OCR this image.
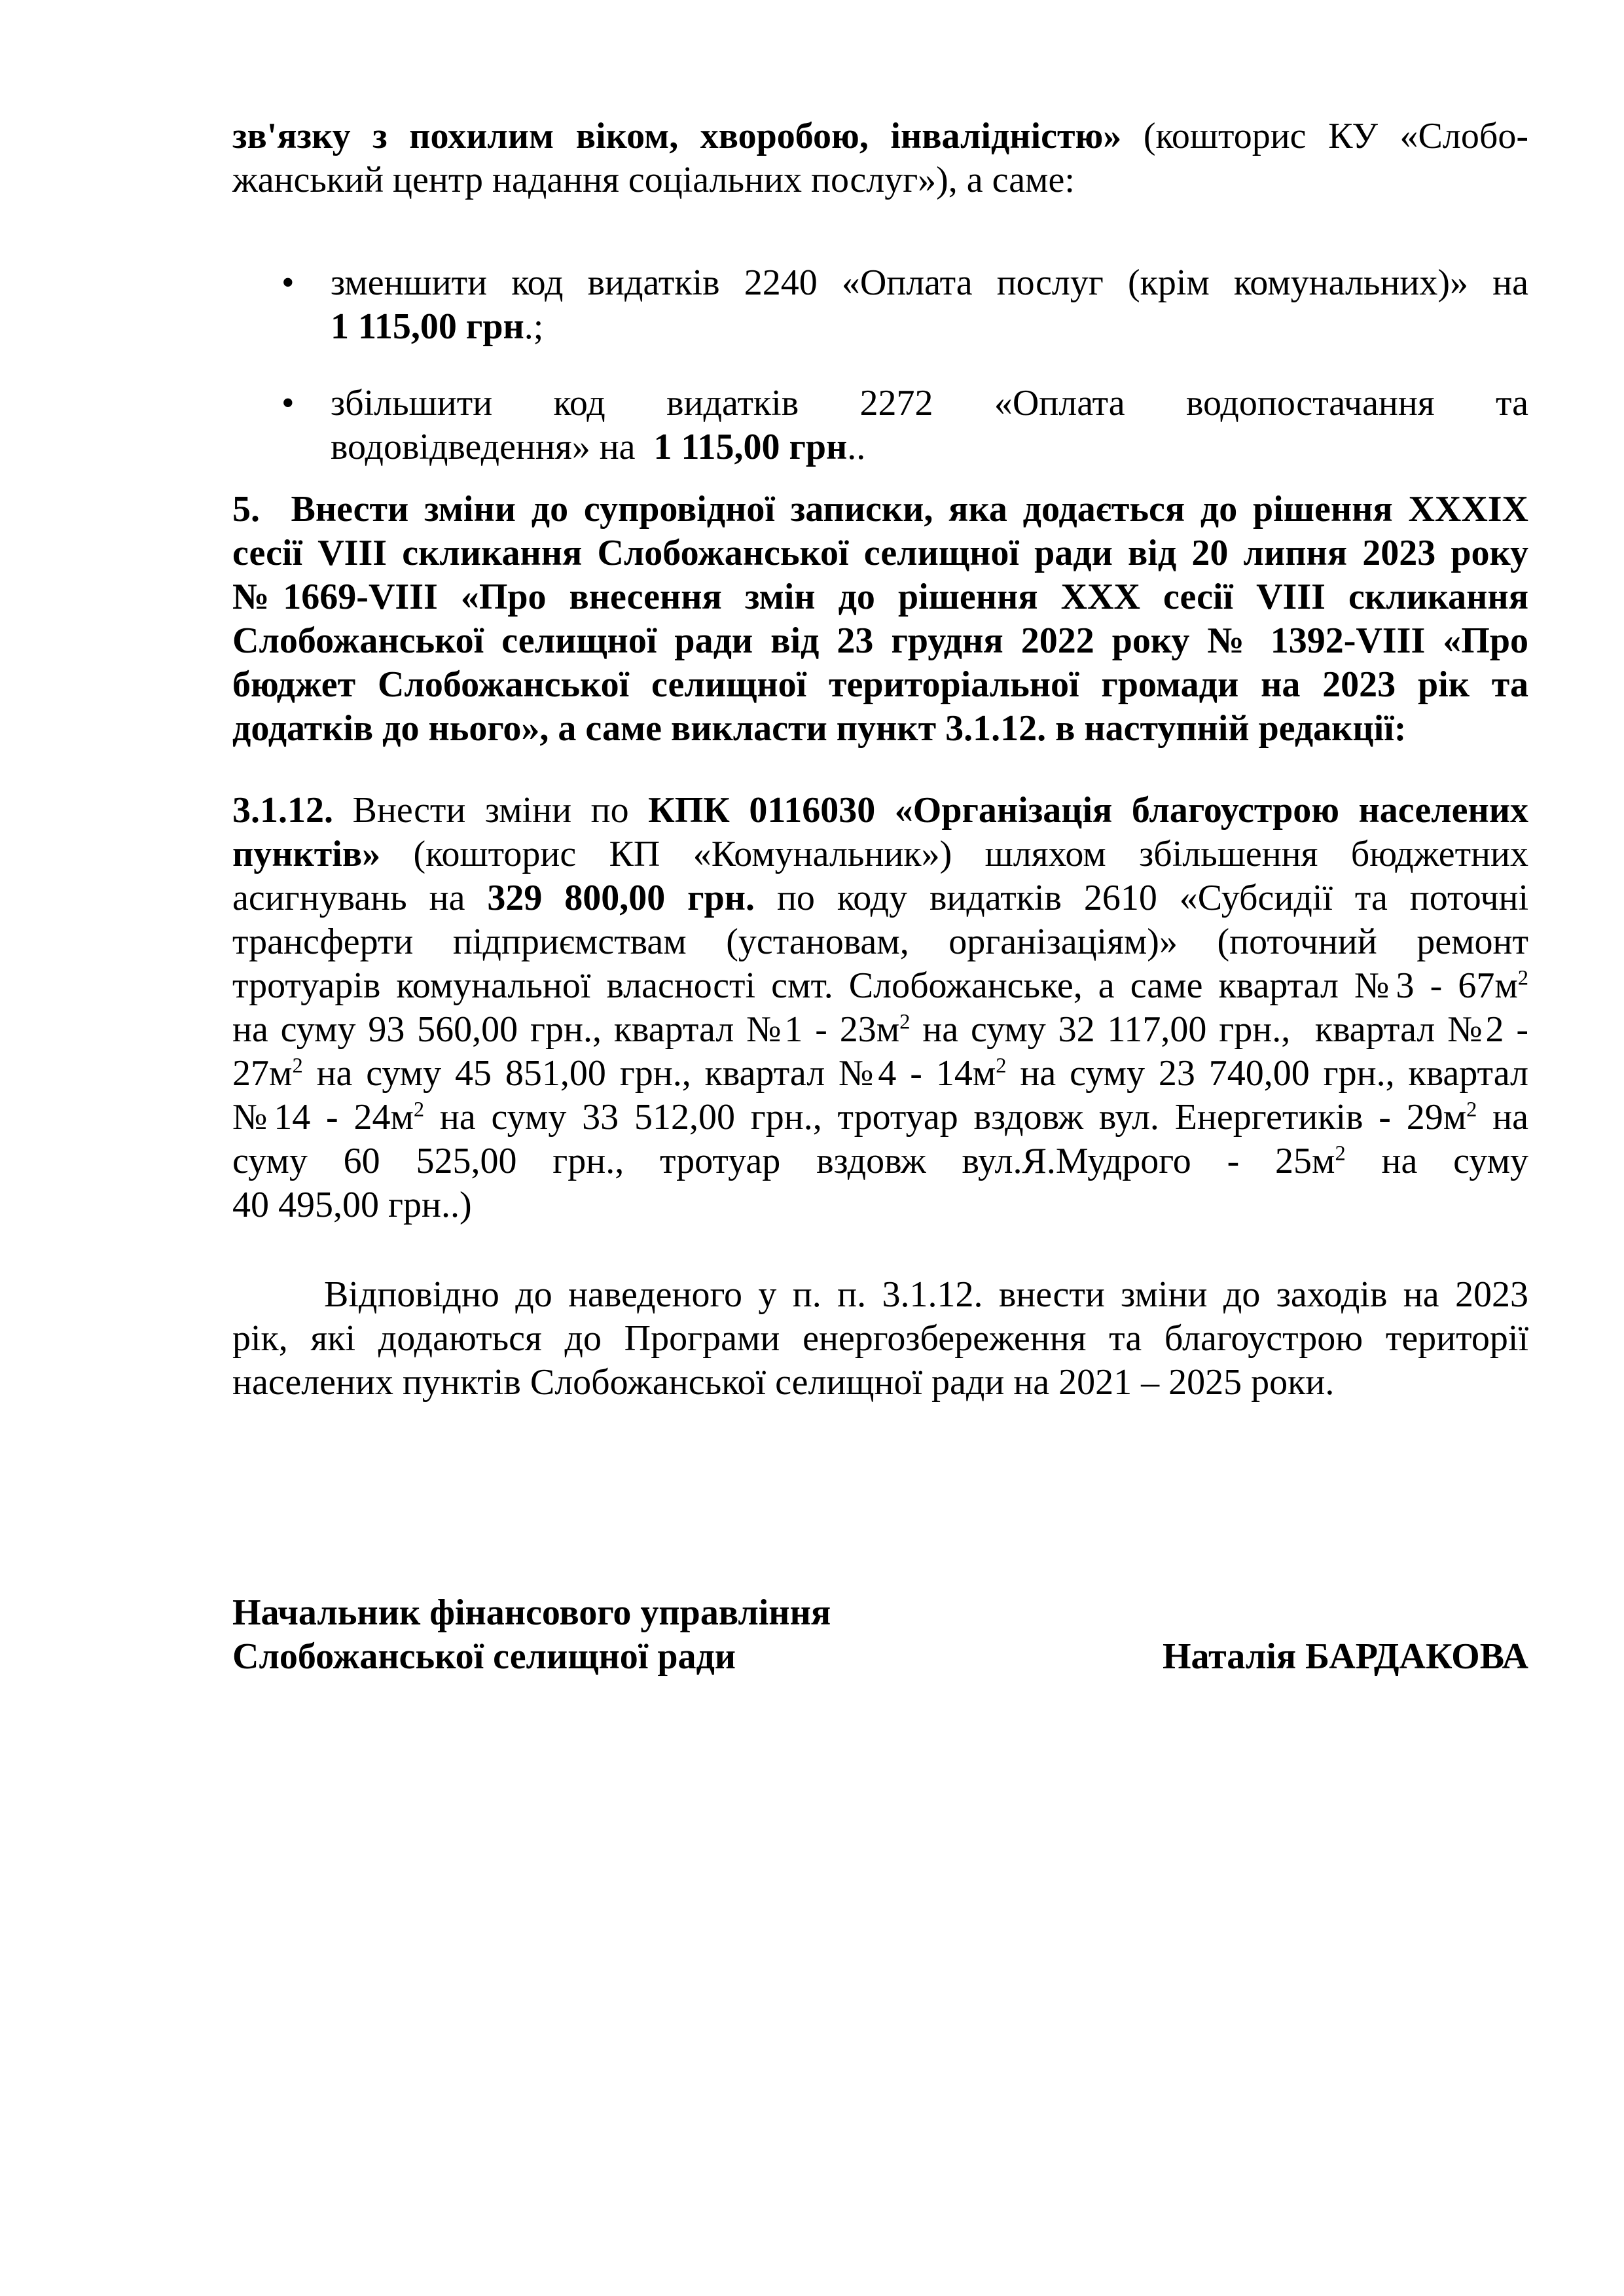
зв'язку з похилим віком, хворобою, інвалідністю» (кошторис КУ «Слобо-
жанський центр надання соціальних послуг»), а саме:
• зменшити код видатків 2240 «Оплата послуг (крім комунальних)» на
1 115,00 грн.;
• збільшити код видатків 2272 «Оплата водопостачання та
водовідведення» на  1 115,00 грн..
5.  Внести зміни до супровідної записки, яка додається до рішення XXXIX
сесії VIII скликання Слобожанської селищної ради від 20 липня 2023 року
№1669-VIII «Про внесення змін до рішення XXX сесії VIII скликання
Слобожанської селищної ради від 23 грудня 2022 року № 1392-VIII «Про
бюджет Слобожанської селищної територіальної громади на 2023 рік та
додатків до нього», а саме викласти пункт 3.1.12. в наступній редакції:
3.1.12. Внести зміни по КПК 0116030 «Організація благоустрою населених
пунктів» (кошторис КП «Комунальник») шляхом збільшення бюджетних
асигнувань на 329 800,00 грн. по коду видатків 2610 «Субсидії та поточні
трансферти підприємствам (установам, організаціям)» (поточний ремонт
тротуарів комунальної власності смт. Слобожанське, а саме квартал №3 - $67м^2$
на суму 93 560,00 грн., квартал №1 - $23м^2$ на суму 32 117,00 грн.,  квартал №2 -
$27м^2$ на суму 45 851,00 грн., квартал №4 - $14м^2$ на суму 23 740,00 грн., квартал
№14 - $24м^2$ на суму 33 512,00 грн., тротуар вздовж вул. Енергетиків - $29м^2$ на
суму 60 525,00 грн., тротуар вздовж вул.Я.Мудрого - $25м^2$ на суму
40 495,00 грн..)
Відповідно до наведеного у п. п. 3.1.12. внести зміни до заходів на 2023
рік, які додаються до Програми енергозбереження та благоустрою території
населених пунктів Слобожанської селищної ради на 2021 – 2025 роки.
Начальник фінансового управління
Слобожанської селищної ради	Наталія БАРДАКОВА
